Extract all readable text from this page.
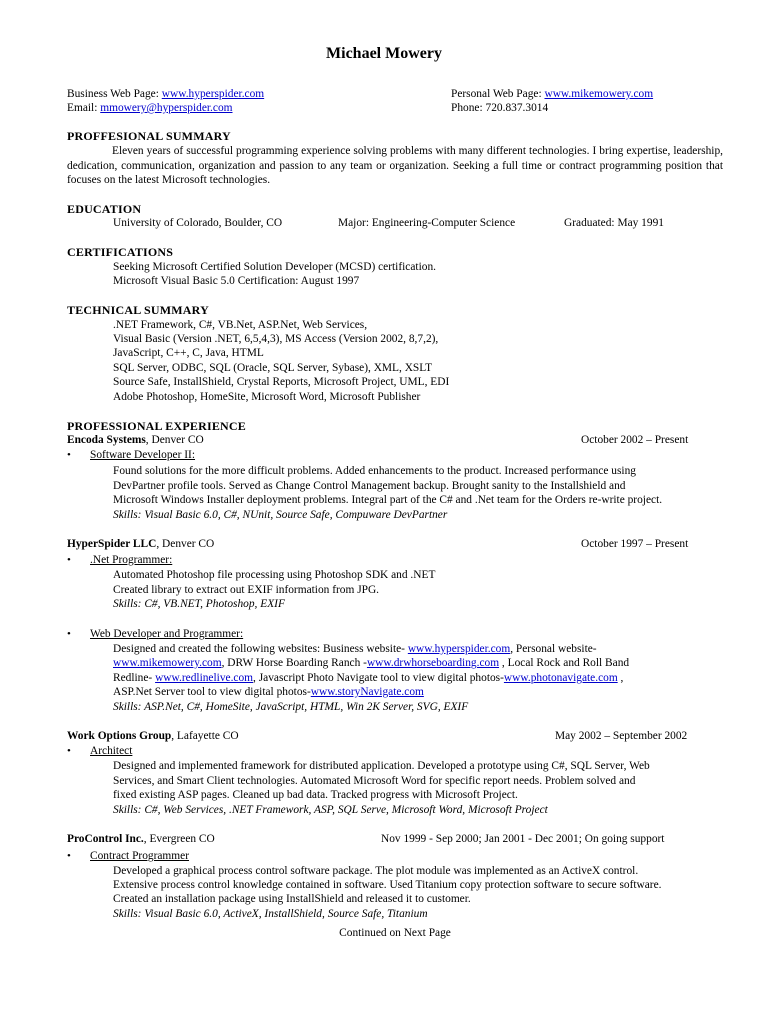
Michael Mowery
Business Web Page: www.hyperspider.com	Personal Web Page: www.mikemowery.com
Email: mmowery@hyperspider.com	Phone: 720.837.3014
PROFFESIONAL SUMMARY
Eleven years of successful programming experience solving problems with many different technologies. I bring expertise, leadership, dedication, communication, organization and passion to any team or organization. Seeking a full time or contract programming position that focuses on the latest Microsoft technologies.
EDUCATION
University of Colorado, Boulder, CO	Major: Engineering-Computer Science	Graduated: May 1991
CERTIFICATIONS
Seeking Microsoft Certified Solution Developer (MCSD) certification.
Microsoft Visual Basic 5.0 Certification: August 1997
TECHNICAL SUMMARY
.NET Framework, C#, VB.Net, ASP.Net, Web Services,
Visual Basic (Version .NET, 6,5,4,3), MS Access (Version 2002, 8,7,2),
JavaScript, C++, C, Java, HTML
SQL Server, ODBC, SQL (Oracle, SQL Server, Sybase), XML, XSLT
Source Safe, InstallShield, Crystal Reports, Microsoft Project, UML, EDI
Adobe Photoshop, HomeSite, Microsoft Word, Microsoft Publisher
PROFESSIONAL EXPERIENCE
Encoda Systems, Denver CO	October 2002 – Present
• Software Developer II:
Found solutions for the more difficult problems. Added enhancements to the product. Increased performance using
DevPartner profile tools. Served as Change Control Management backup. Brought sanity to the Installshield and
Microsoft Windows Installer deployment problems. Integral part of the C# and .Net team for the Orders re-write project.
Skills: Visual Basic 6.0, C#, NUnit, Source Safe, Compuware DevPartner
HyperSpider LLC, Denver CO	October 1997 – Present
• .Net Programmer:
Automated Photoshop file processing using Photoshop SDK and .NET
Created library to extract out EXIF information from JPG.
Skills: C#, VB.NET, Photoshop, EXIF
• Web Developer and Programmer:
Designed and created the following websites: Business website- www.hyperspider.com, Personal website-
www.mikemowery.com, DRW Horse Boarding Ranch -www.drwhorseboarding.com , Local Rock and Roll Band
Redline- www.redlinelive.com, Javascript Photo Navigate tool to view digital photos-www.photonavigate.com ,
ASP.Net Server tool to view digital photos-www.storyNavigate.com
Skills: ASP.Net, C#, HomeSite, JavaScript, HTML, Win 2K Server, SVG, EXIF
Work Options Group, Lafayette CO	May 2002 – September 2002
• Architect
Designed and implemented framework for distributed application. Developed a prototype using C#, SQL Server, Web
Services, and Smart Client technologies. Automated Microsoft Word for specific report needs. Problem solved and
fixed existing ASP pages. Cleaned up bad data. Tracked progress with Microsoft Project.
Skills: C#, Web Services, .NET Framework, ASP, SQL Serve, Microsoft Word, Microsoft Project
ProControl Inc., Evergreen CO	Nov 1999 - Sep 2000; Jan 2001 - Dec 2001; On going support
• Contract Programmer
Developed a graphical process control software package. The plot module was implemented as an ActiveX control.
Extensive process control knowledge contained in software. Used Titanium copy protection software to secure software.
Created an installation package using InstallShield and released it to customer.
Skills: Visual Basic 6.0, ActiveX, InstallShield, Source Safe, Titanium
Continued on Next Page
